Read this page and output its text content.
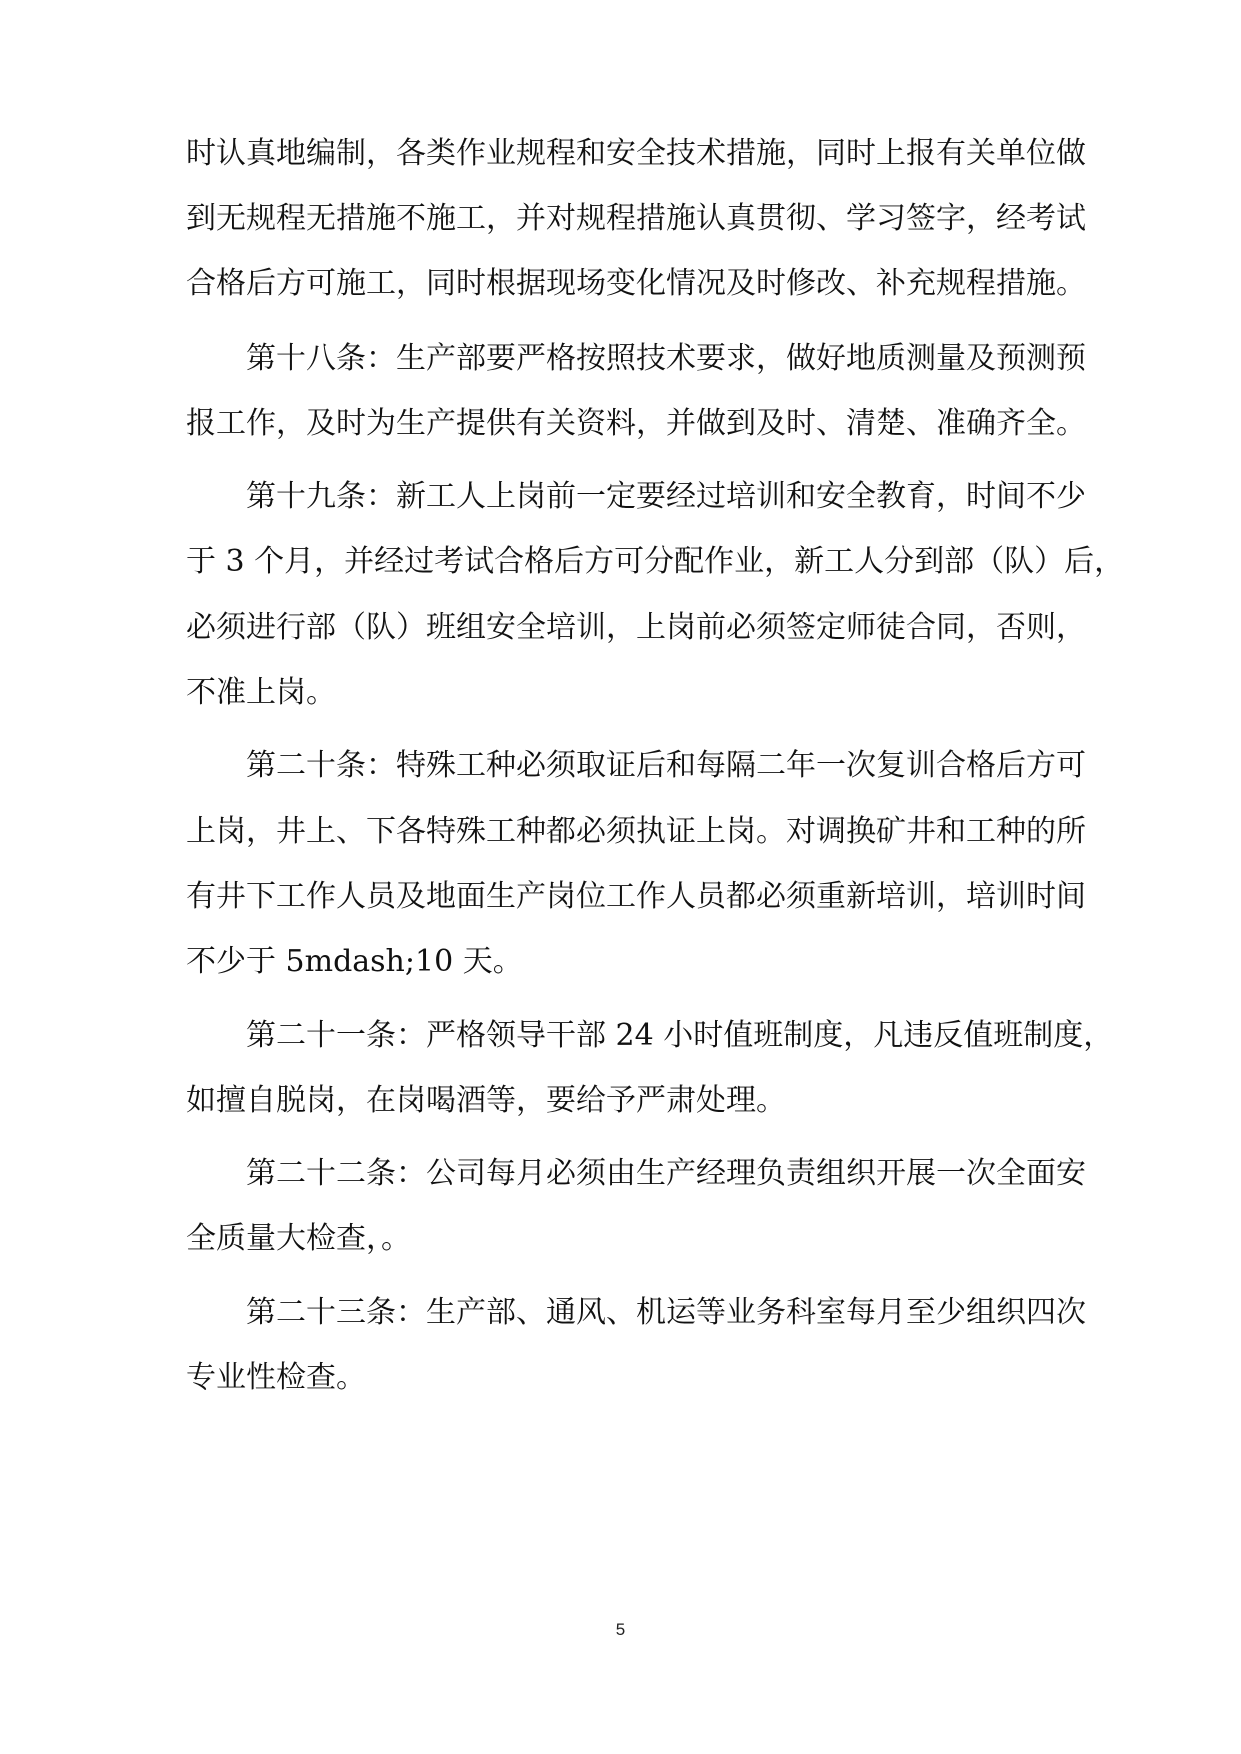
时认真地编制，各类作业规程和安全技术措施，同时上报有关单位做
到无规程无措施不施工，并对规程措施认真贯彻、学习签字，经考试
合格后方可施工，同时根据现场变化情况及时修改、补充规程措施。
　　第十八条：生产部要严格按照技术要求，做好地质测量及预测预
报工作，及时为生产提供有关资料，并做到及时、清楚、准确齐全。
　　第十九条：新工人上岗前一定要经过培训和安全教育，时间不少
于 3 个月，并经过考试合格后方可分配作业，新工人分到部（队）后，
必须进行部（队）班组安全培训，上岗前必须签定师徒合同，否则，
不准上岗。
　　第二十条：特殊工种必须取证后和每隔二年一次复训合格后方可
上岗，井上、下各特殊工种都必须执证上岗。对调换矿井和工种的所
有井下工作人员及地面生产岗位工作人员都必须重新培训，培训时间
不少于 5mdash;10 天。
　　第二十一条：严格领导干部 24 小时值班制度，凡违反值班制度，
如擅自脱岗，在岗喝酒等，要给予严肃处理。
　　第二十二条：公司每月必须由生产经理负责组织开展一次全面安
全质量大检查，。
　　第二十三条：生产部、通风、机运等业务科室每月至少组织四次
专业性检查。
5
